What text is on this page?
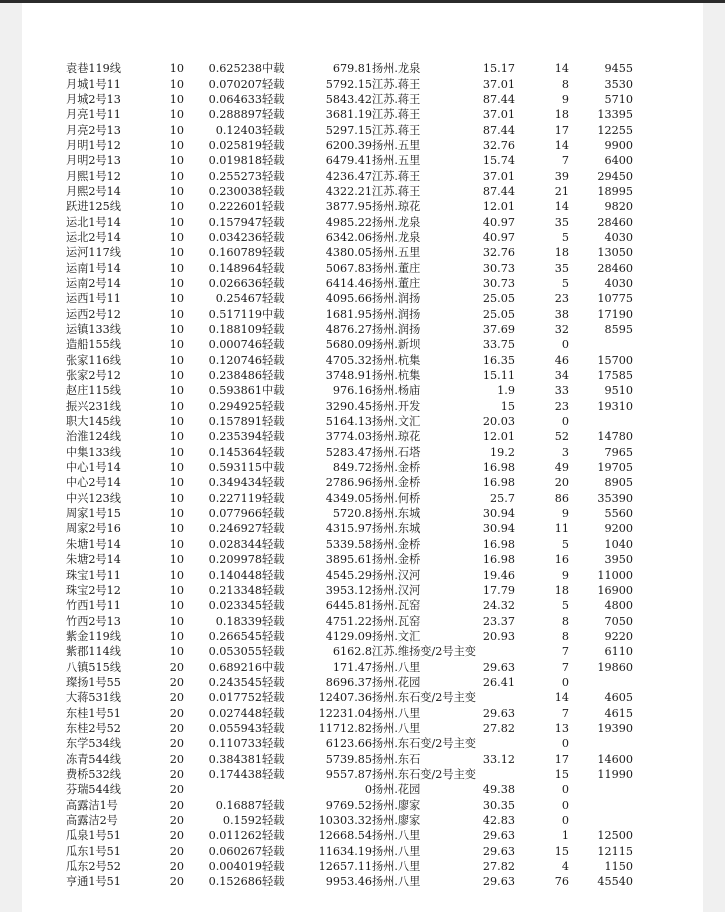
袁巷119线	10	0.625238	中载	679.81	扬州.龙泉	15.17	14	9455
月城1号11	10	0.070207	轻载	5792.15	江苏.蒋王	37.01	8	3530
月城2号13	10	0.064633	轻载	5843.42	江苏.蒋王	87.44	9	5710
月亮1号11	10	0.288897	轻载	3681.19	江苏.蒋王	37.01	18	13395
月亮2号13	10	0.12403	轻载	5297.15	江苏.蒋王	87.44	17	12255
月明1号12	10	0.025819	轻载	6200.39	扬州.五里	32.76	14	9900
月明2号13	10	0.019818	轻载	6479.41	扬州.五里	15.74	7	6400
月熙1号12	10	0.255273	轻载	4236.47	江苏.蒋王	37.01	39	29450
月熙2号14	10	0.230038	轻载	4322.21	江苏.蒋王	87.44	21	18995
跃进125线	10	0.222601	轻载	3877.95	扬州.琼花	12.01	14	9820
运北1号14	10	0.157947	轻载	4985.22	扬州.龙泉	40.97	35	28460
运北2号14	10	0.034236	轻载	6342.06	扬州.龙泉	40.97	5	4030
运河117线	10	0.160789	轻载	4380.05	扬州.五里	32.76	18	13050
运南1号14	10	0.148964	轻载	5067.83	扬州.董庄	30.73	35	28460
运南2号14	10	0.026636	轻载	6414.46	扬州.董庄	30.73	5	4030
运西1号11	10	0.25467	轻载	4095.66	扬州.润扬	25.05	23	10775
运西2号12	10	0.517119	中载	1681.95	扬州.润扬	25.05	38	17190
运镇133线	10	0.188109	轻载	4876.27	扬州.润扬	37.69	32	8595
造船155线	10	0.000746	轻载	5680.09	扬州.新坝	33.75	0	
张家116线	10	0.120746	轻载	4705.32	扬州.杭集	16.35	46	15700
张家2号12	10	0.238486	轻载	3748.91	扬州.杭集	15.11	34	17585
赵庄115线	10	0.593861	中载	976.16	扬州.杨庙	1.9	33	9510
振兴231线	10	0.294925	轻载	3290.45	扬州.开发	15	23	19310
职大145线	10	0.157891	轻载	5164.13	扬州.文汇	20.03	0	
治淮124线	10	0.235394	轻载	3774.03	扬州.琼花	12.01	52	14780
中集133线	10	0.145364	轻载	5283.47	扬州.石塔	19.2	3	7965
中心1号14	10	0.593115	中载	849.72	扬州.金桥	16.98	49	19705
中心2号14	10	0.349434	轻载	2786.96	扬州.金桥	16.98	20	8905
中兴123线	10	0.227119	轻载	4349.05	扬州.何桥	25.7	86	35390
周家1号15	10	0.077966	轻载	5720.8	扬州.东城	30.94	9	5560
周家2号16	10	0.246927	轻载	4315.97	扬州.东城	30.94	11	9200
朱塘1号14	10	0.028344	轻载	5339.58	扬州.金桥	16.98	5	1040
朱塘2号14	10	0.209978	轻载	3895.61	扬州.金桥	16.98	16	3950
珠宝1号11	10	0.140448	轻载	4545.29	扬州.汉河	19.46	9	11000
珠宝2号12	10	0.213348	轻载	3953.12	扬州.汉河	17.79	18	16900
竹西1号11	10	0.023345	轻载	6445.81	扬州.瓦窑	24.32	5	4800
竹西2号13	10	0.18339	轻载	4751.22	扬州.瓦窑	23.37	8	7050
紫金119线	10	0.266545	轻载	4129.09	扬州.文汇	20.93	8	9220
紫郡114线	10	0.053055	轻载	6162.8	江苏.维扬变/2号主变		7	6110
八镇515线	20	0.689216	中载	171.47	扬州.八里	29.63	7	19860
璨扬1号55	20	0.243545	轻载	8696.37	扬州.花园	26.41	0	
大蒋531线	20	0.017752	轻载	12407.36	扬州.东石变/2号主变		14	4605
东桂1号51	20	0.027448	轻载	12231.04	扬州.八里	29.63	7	4615
东桂2号52	20	0.055943	轻载	11712.82	扬州.八里	27.82	13	19390
东学534线	20	0.110733	轻载	6123.66	扬州.东石变/2号主变		0	
冻青544线	20	0.384381	轻载	5739.85	扬州.东石	33.12	17	14600
费桥532线	20	0.174438	轻载	9557.87	扬州.东石变/2号主变		15	11990
芬瑞544线	20			0	扬州.花园	49.38	0	
高露洁1号	20	0.16887	轻载	9769.52	扬州.廖家	30.35	0	
高露洁2号	20	0.1592	轻载	10303.32	扬州.廖家	42.83	0	
瓜泉1号51	20	0.011262	轻载	12668.54	扬州.八里	29.63	1	12500
瓜东1号51	20	0.060267	轻载	11634.19	扬州.八里	29.63	15	12115
瓜东2号52	20	0.004019	轻载	12657.11	扬州.八里	27.82	4	1150
亨通1号51	20	0.152686	轻载	9953.46	扬州.八里	29.63	76	45540
